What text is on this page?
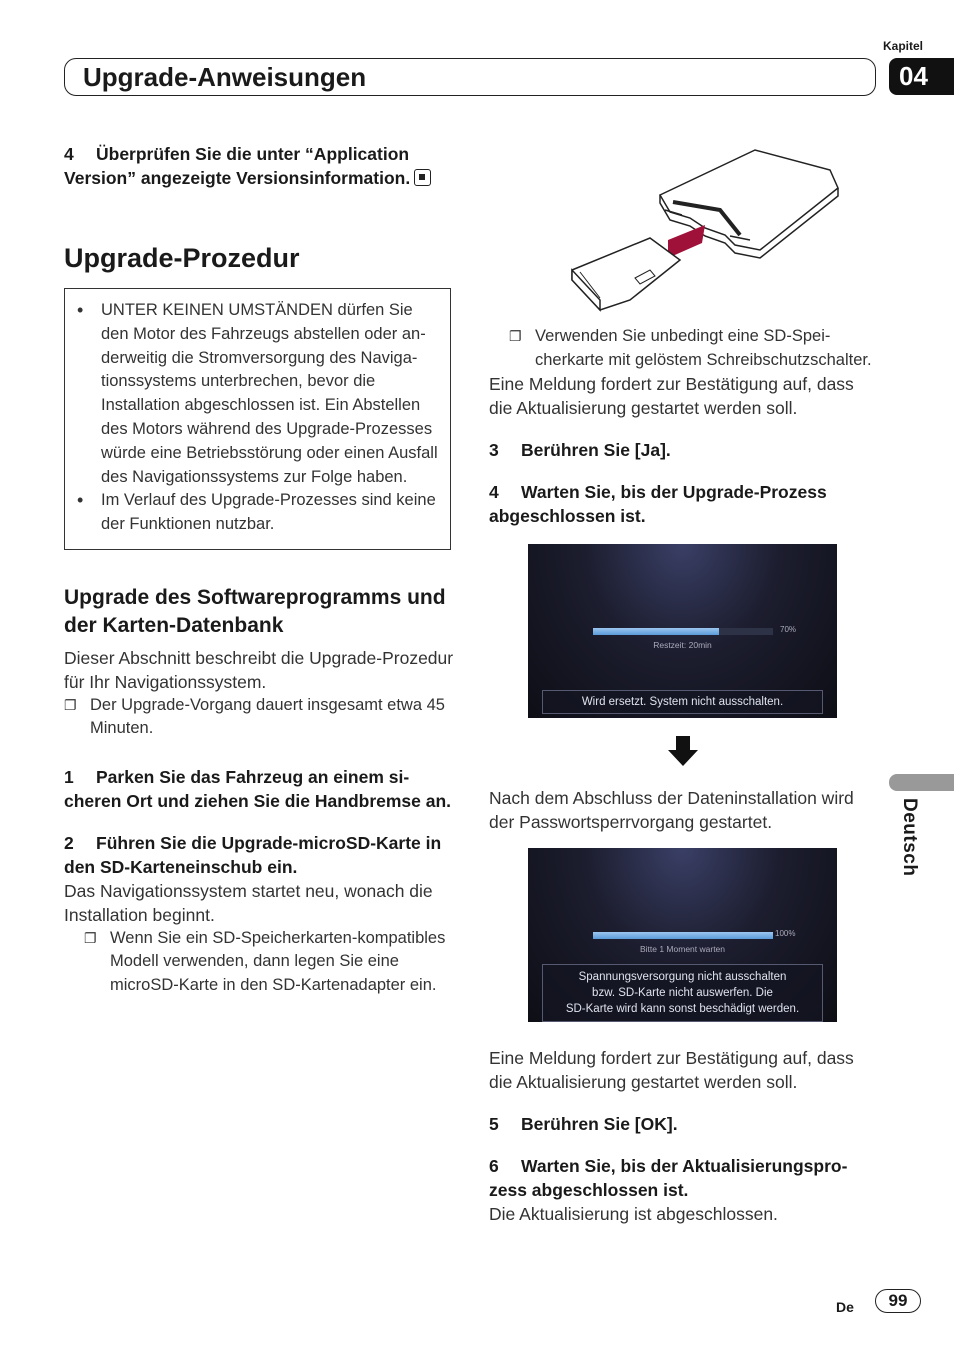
Kapitel
04
Upgrade-Anweisungen
Deutsch
4 Überprüfen Sie die unter “Application Version” angezeigte Versionsinformation.
Upgrade-Prozedur
• UNTER KEINEN UMSTÄNDEN dürfen Sie den Motor des Fahrzeugs abstellen oder anderweitig die Stromversorgung des Navigationssystems unterbrechen, bevor die Installation abgeschlossen ist. Ein Abstellen des Motors während des Upgrade-Prozesses würde eine Betriebsstörung oder einen Ausfall des Navigationssystems zur Folge haben.
• Im Verlauf des Upgrade-Prozesses sind keine der Funktionen nutzbar.
Upgrade des Softwareprogramms und der Karten-Datenbank

Dieser Abschnitt beschreibt die Upgrade-Prozedur für Ihr Navigationssystem.

❐ Der Upgrade-Vorgang dauert insgesamt etwa 45 Minuten.

1 Parken Sie das Fahrzeug an einem sicheren Ort und ziehen Sie die Handbremse an.
2 Führen Sie die Upgrade-microSD-Karte in den SD-Karteneinschub ein.

Das Navigationssystem startet neu, wonach die Installation beginnt.

❐ Wenn Sie ein SD-Speicherkarten-kompatibles Modell verwenden, dann legen Sie eine microSD-Karte in den SD-Kartenadapter ein.

❐ Verwenden Sie unbedingt eine SD-Speicherkarte mit gelöstem Schreibschutzschalter.

Eine Meldung fordert zur Bestätigung auf, dass die Aktualisierung gestartet werden soll.

3 Berühren Sie [Ja].
4 Warten Sie, bis der Upgrade-Prozess abgeschlossen ist.
70%
Restzeit: 20min
Wird ersetzt. System nicht ausschalten.

Nach dem Abschluss der Dateninstallation wird der Passwortsperrvorgang gestartet.

100%
Bitte 1 Moment warten
Spannungsversorgung nicht ausschalten
bzw. SD-Karte nicht auswerfen. Die
SD-Karte wird kann sonst beschädigt werden.

Eine Meldung fordert zur Bestätigung auf, dass die Aktualisierung gestartet werden soll.

5 Berühren Sie [OK].
6 Warten Sie, bis der Aktualisierungsprozess abgeschlossen ist.

Die Aktualisierung ist abgeschlossen.

De	99
